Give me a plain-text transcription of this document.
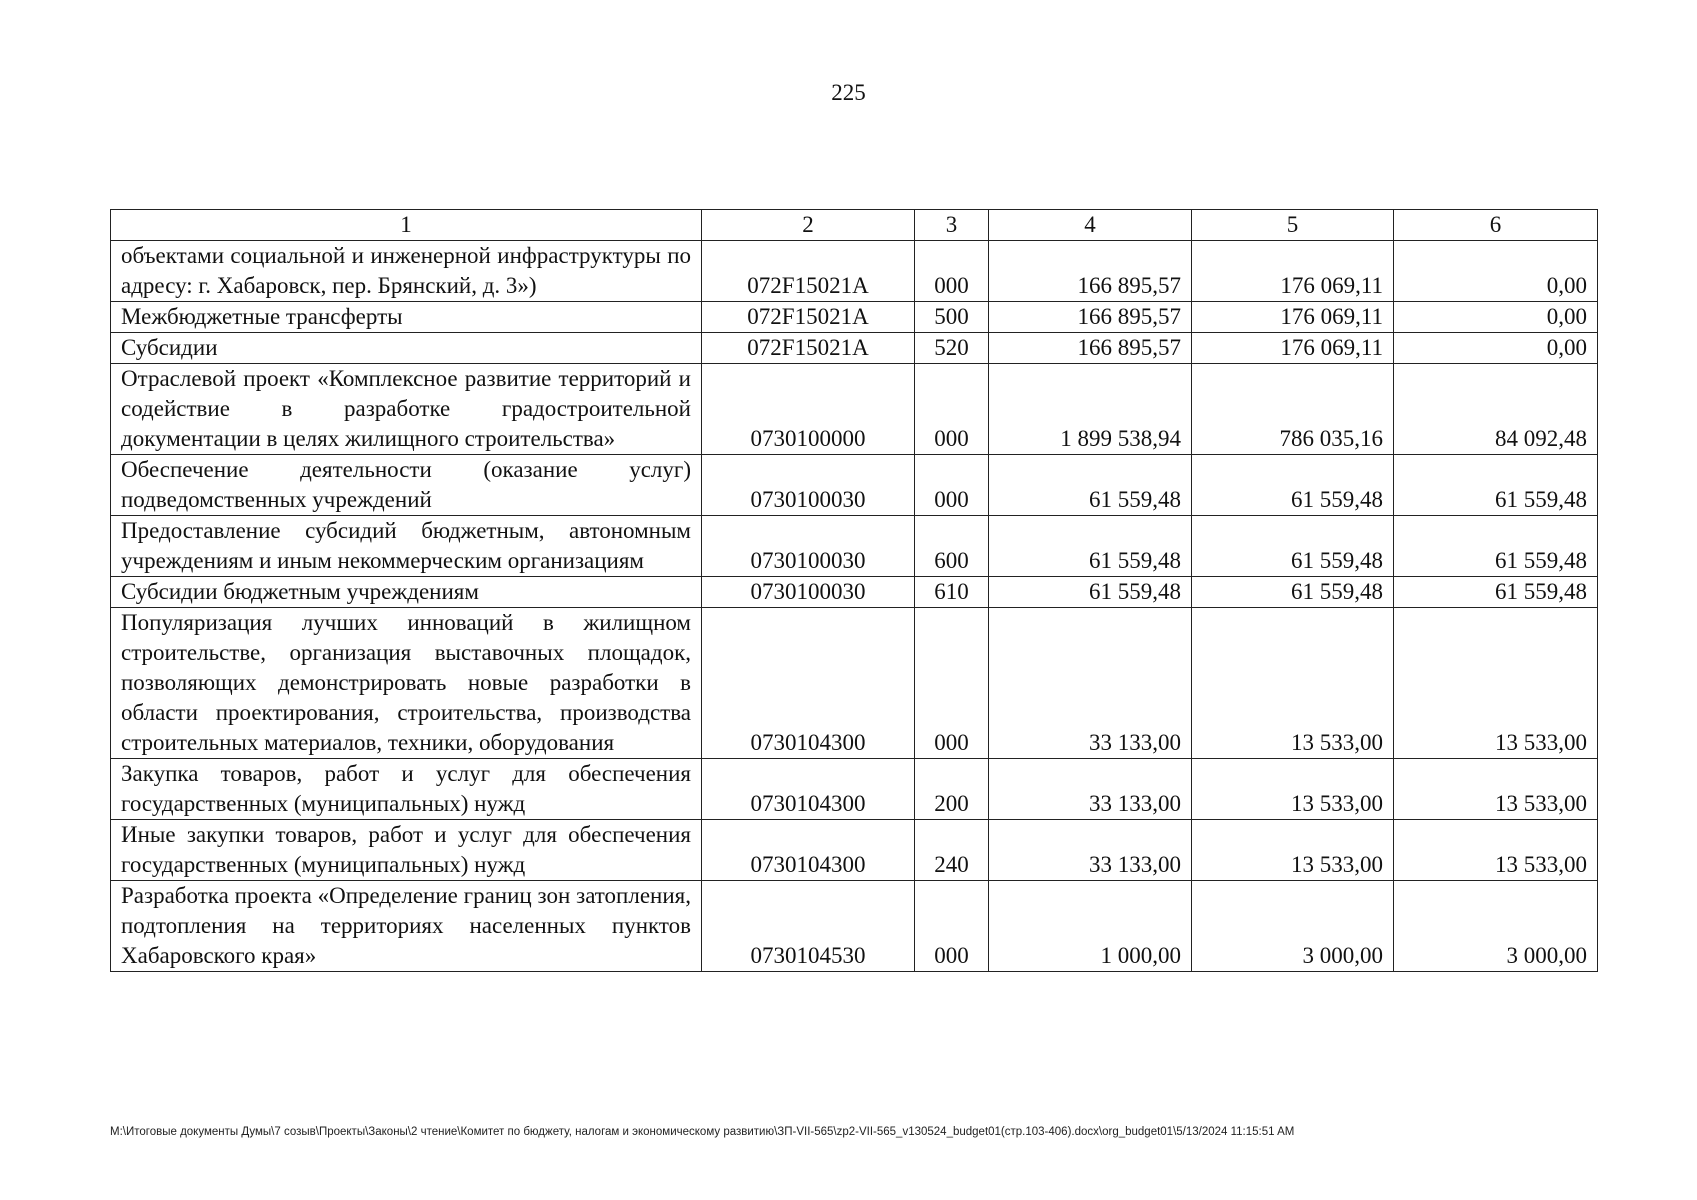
225
1	2	3	4	5	6
объектами социальной и инженерной инфраструктуры по адресу: г. Хабаровск, пер. Брянский, д. 3»)	072F15021А	000	166 895,57	176 069,11	0,00
Межбюджетные трансферты	072F15021А	500	166 895,57	176 069,11	0,00
Субсидии	072F15021А	520	166 895,57	176 069,11	0,00
Отраслевой проект «Комплексное развитие территорий и содействие в разработке градостроительной документации в целях жилищного строительства»	0730100000	000	1 899 538,94	786 035,16	84 092,48
Обеспечение деятельности (оказание услуг) подведомственных учреждений	0730100030	000	61 559,48	61 559,48	61 559,48
Предоставление субсидий бюджетным, автономным учреждениям и иным некоммерческим организациям	0730100030	600	61 559,48	61 559,48	61 559,48
Субсидии бюджетным учреждениям	0730100030	610	61 559,48	61 559,48	61 559,48
Популяризация лучших инноваций в жилищном строительстве, организация выставочных площадок, позволяющих демонстрировать новые разработки в области проектирования, строительства, производства строительных материалов, техники, оборудования	0730104300	000	33 133,00	13 533,00	13 533,00
Закупка товаров, работ и услуг для обеспечения государственных (муниципальных) нужд	0730104300	200	33 133,00	13 533,00	13 533,00
Иные закупки товаров, работ и услуг для обеспечения государственных (муниципальных) нужд	0730104300	240	33 133,00	13 533,00	13 533,00
Разработка проекта «Определение границ зон затопления, подтопления на территориях населенных пунктов Хабаровского края»	0730104530	000	1 000,00	3 000,00	3 000,00
М:\Итоговые документы Думы\7 созыв\Проекты\Законы\2 чтение\Комитет по бюджету, налогам и экономическому развитию\ЗП-VII-565\zp2-VII-565_v130524_budget01(стр.103-406).docx\org_budget01\5/13/2024 11:15:51 AM
